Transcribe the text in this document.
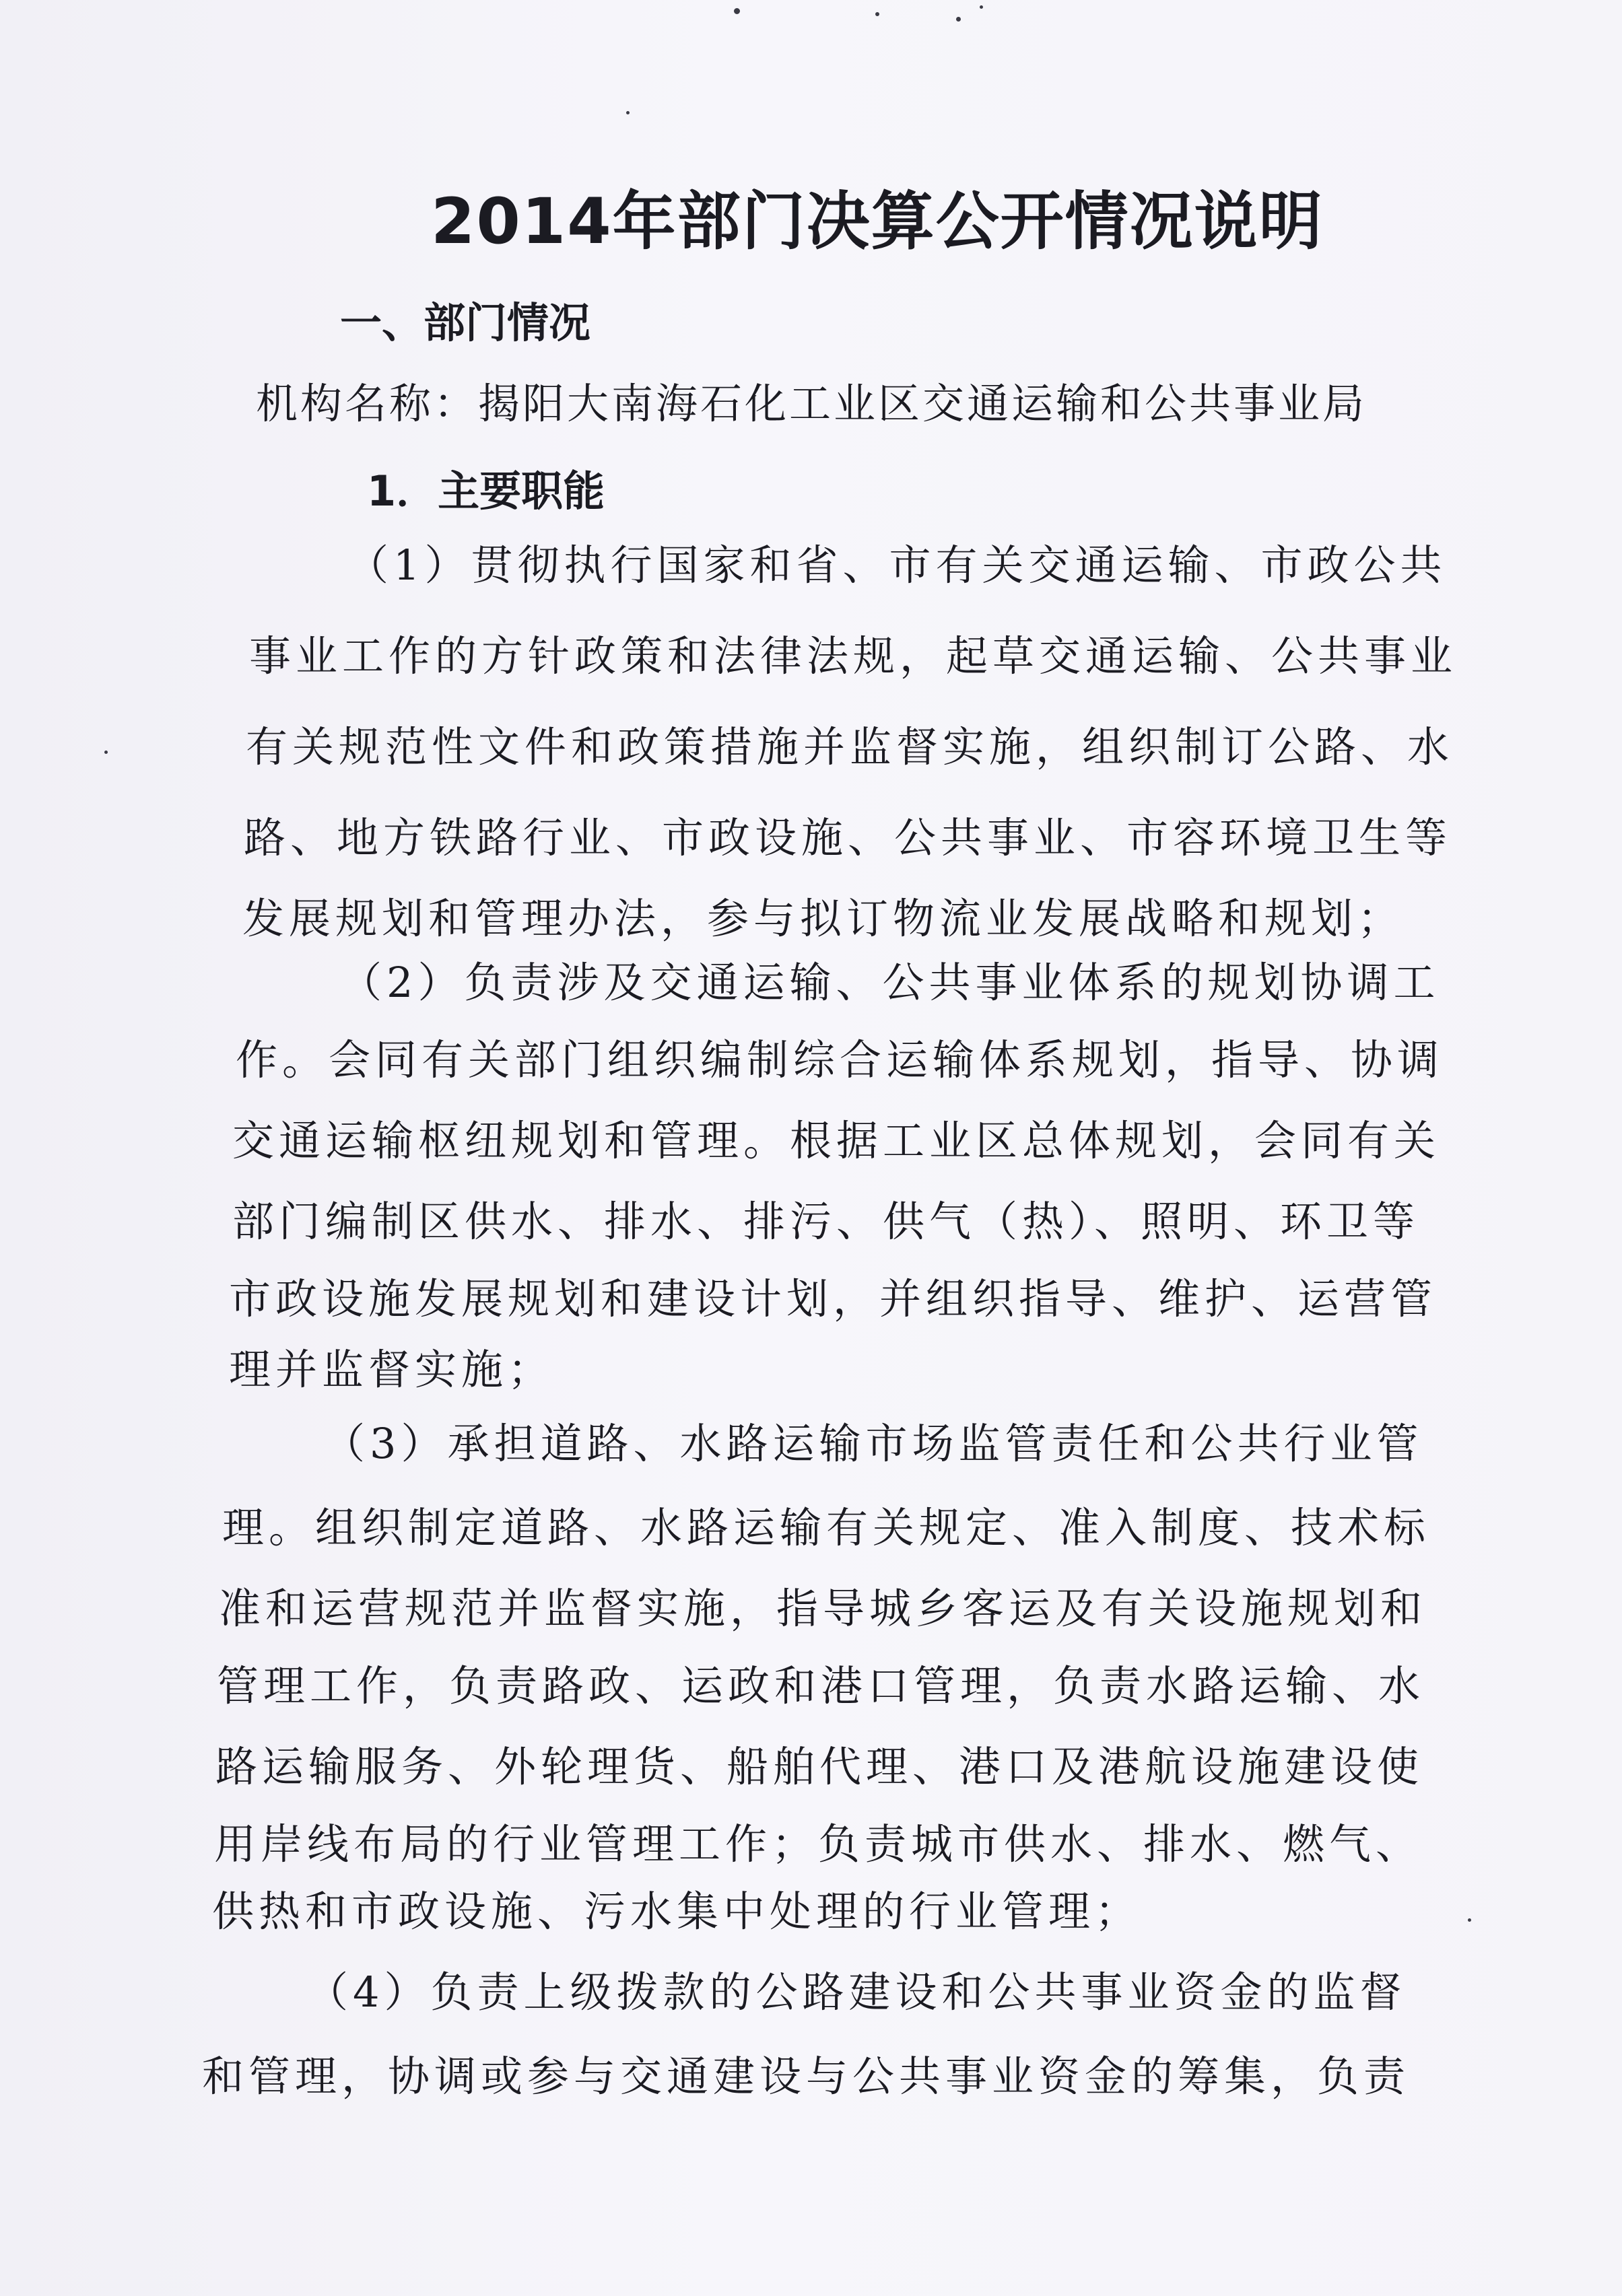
2014年部门决算公开情况说明
一、部门情况
机构名称：揭阳大南海石化工业区交通运输和公共事业局
1．主要职能
（1）贯彻执行国家和省、市有关交通运输、市政公共
事业工作的方针政策和法律法规，起草交通运输、公共事业
有关规范性文件和政策措施并监督实施，组织制订公路、水
路、地方铁路行业、市政设施、公共事业、市容环境卫生等
发展规划和管理办法，参与拟订物流业发展战略和规划；
（2）负责涉及交通运输、公共事业体系的规划协调工
作。会同有关部门组织编制综合运输体系规划，指导、协调
交通运输枢纽规划和管理。根据工业区总体规划，会同有关
部门编制区供水、排水、排污、供气（热）、照明、环卫等
市政设施发展规划和建设计划，并组织指导、维护、运营管
理并监督实施；
（3）承担道路、水路运输市场监管责任和公共行业管
理。组织制定道路、水路运输有关规定、准入制度、技术标
准和运营规范并监督实施，指导城乡客运及有关设施规划和
管理工作，负责路政、运政和港口管理，负责水路运输、水
路运输服务、外轮理货、船舶代理、港口及港航设施建设使
用岸线布局的行业管理工作；负责城市供水、排水、燃气、
供热和市政设施、污水集中处理的行业管理；
（4）负责上级拨款的公路建设和公共事业资金的监督
和管理，协调或参与交通建设与公共事业资金的筹集，负责
